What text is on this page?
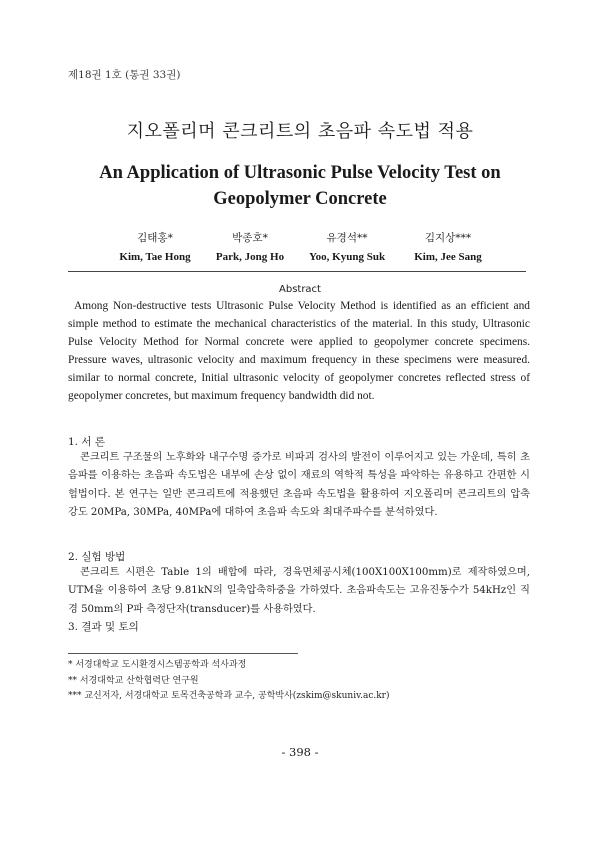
제18권 1호 (통권 33권)
지오폴리머 콘크리트의 초음파 속도법 적용
An Application of Ultrasonic Pulse Velocity Test on
Geopolymer Concrete
김태홍*
Kim, Tae Hong
박종호*
Park, Jong Ho
유경석**
Yoo, Kyung Suk
김지상***
Kim, Jee Sang
Abstract

Among Non-destructive tests Ultrasonic Pulse Velocity Method is identified as an efficient and simple method to estimate the mechanical characteristics of the material. In this study, Ultrasonic Pulse Velocity Method for Normal concrete were applied to geopolymer concrete specimens. Pressure waves, ultrasonic velocity and maximum frequency in these specimens were measured. similar to normal concrete, Initial ultrasonic velocity of geopolymer concretes reflected stress of geopolymer concretes, but maximum frequency bandwidth did not.

1. 서 론

콘크리트 구조물의 노후화와 내구수명 증가로 비파괴 검사의 발전이 이루어지고 있는 가운데, 특히 초음파를 이용하는 초음파 속도법은 내부에 손상 없이 재료의 역학적 특성을 파악하는 유용하고 간편한 시험법이다. 본 연구는 일반 콘크리트에 적용했던 초음파 속도법을 활용하여 지오폴리머 콘크리트의 압축강도 20MPa, 30MPa, 40MPa에 대하여 초음파 속도와 최대주파수를 분석하였다.

2. 실험 방법

콘크리트 시편은 Table 1의 배합에 따라, 경육면체공시체(100X100X100mm)로 제작하였으며, UTM을 이용하여 초당 9.81kN의 일축압축하중을 가하였다. 초음파속도는 고유진동수가 54kHz인 직경 50mm의 P파 측정단자(transducer)를 사용하였다.

3. 결과 및 토의
* 서경대학교 도시환경시스템공학과 석사과정
** 서경대학교 산학협력단 연구원
*** 교신저자, 서경대학교 토목건축공학과 교수, 공학박사(zskim@skuniv.ac.kr)
- 398 -
